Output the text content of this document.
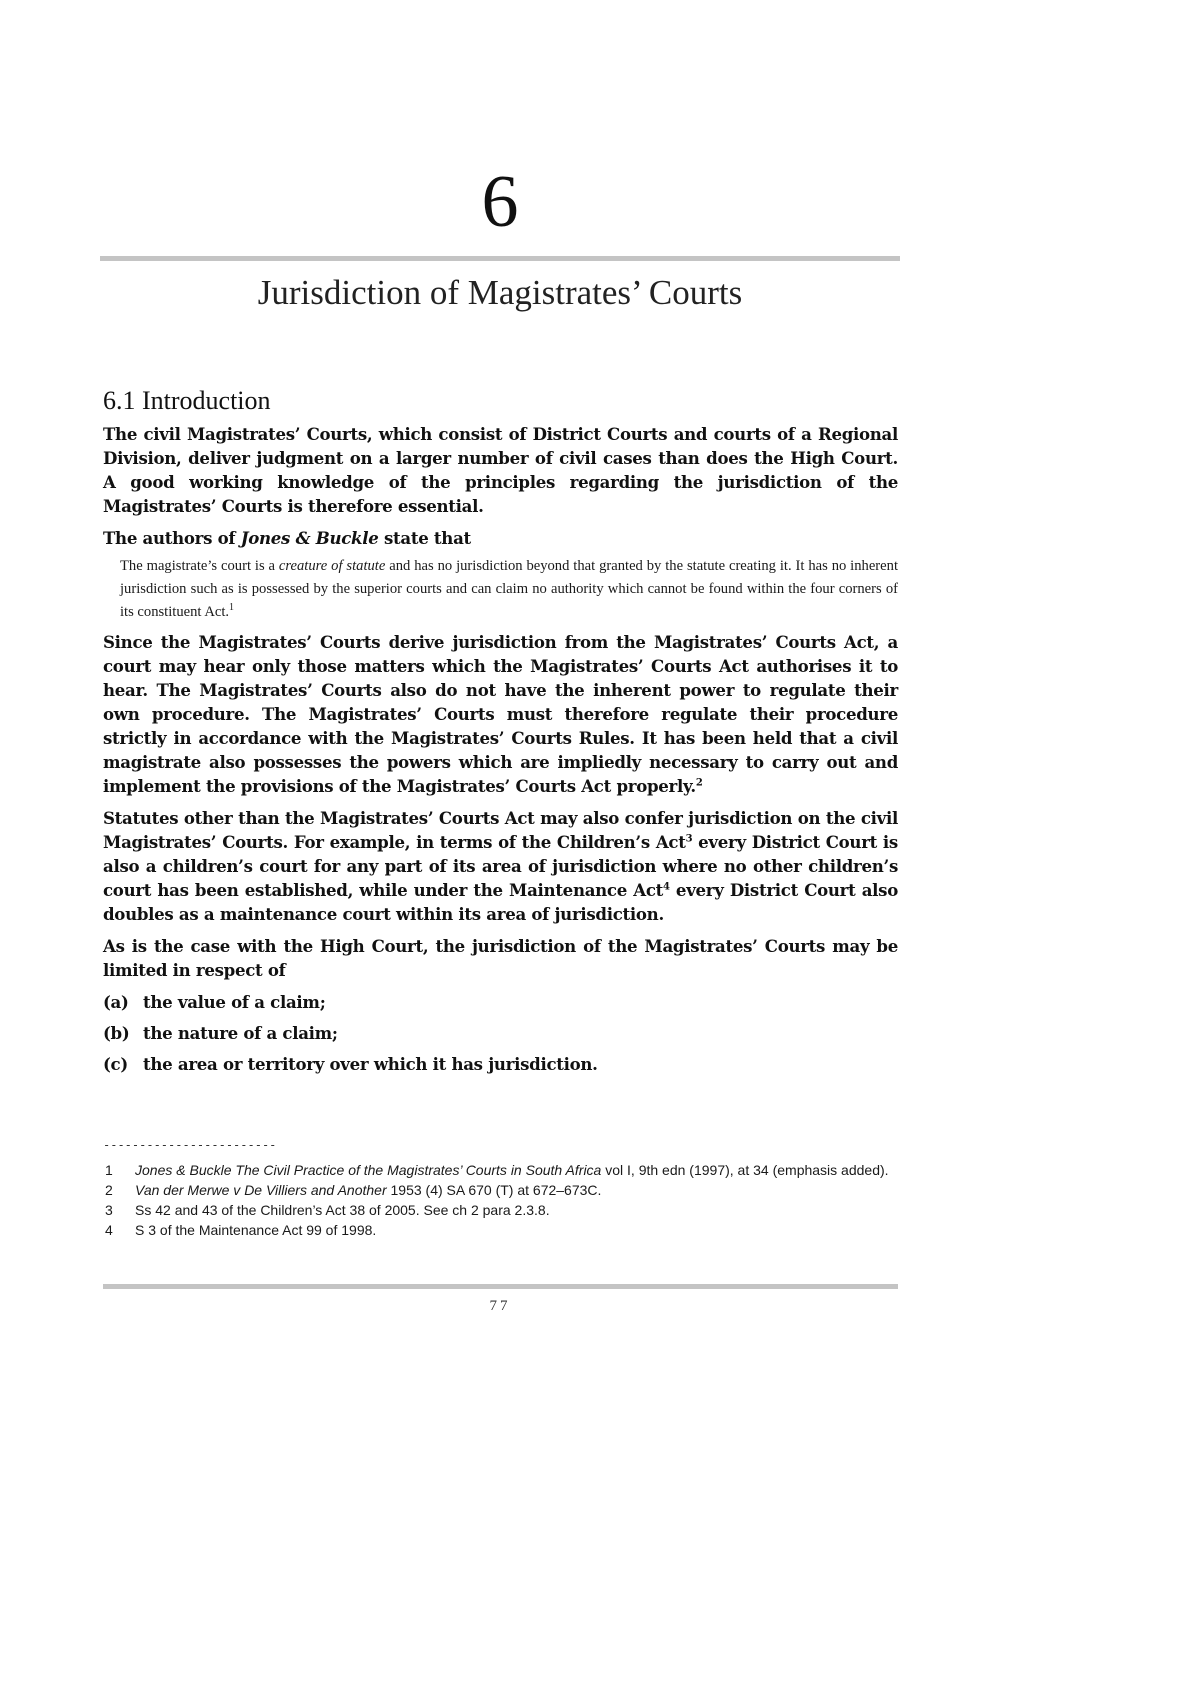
6
Jurisdiction of Magistrates’ Courts
6.1 Introduction

The civil Magistrates’ Courts, which consist of District Courts and courts of a Regional Division, deliver judgment on a larger number of civil cases than does the High Court. A good working knowledge of the principles regarding the jurisdiction of the Magistrates’ Courts is therefore essential.

The authors of Jones & Buckle state that

The magistrate’s court is a creature of statute and has no jurisdiction beyond that granted by the statute creating it. It has no inherent jurisdiction such as is possessed by the superior courts and can claim no authority which cannot be found within the four corners of its constituent Act.$^1$

Since the Magistrates’ Courts derive jurisdiction from the Magistrates’ Courts Act, a court may hear only those matters which the Magistrates’ Courts Act authorises it to hear. The Magistrates’ Courts also do not have the inherent power to regulate their own procedure. The Magistrates’ Courts must therefore regulate their procedure strictly in accordance with the Magistrates’ Courts Rules. It has been held that a civil magistrate also possesses the powers which are impliedly necessary to carry out and implement the provisions of the Magistrates’ Courts Act properly.$^2$

Statutes other than the Magistrates’ Courts Act may also confer jurisdiction on the civil Magistrates’ Courts. For example, in terms of the Children’s Act$^3$ every District Court is also a children’s court for any part of its area of jurisdiction where no other children’s court has been established, while under the Maintenance Act$^4$ every District Court also doubles as a maintenance court within its area of jurisdiction.

As is the case with the High Court, the jurisdiction of the Magistrates’ Courts may be limited in respect of

(a) the value of a claim;
(b) the nature of a claim;
(c) the area or territory over which it has jurisdiction.
------------------------
1	Jones & Buckle The Civil Practice of the Magistrates’ Courts in South Africa vol I, 9th edn (1997), at 34 (emphasis added).
2	Van der Merwe v De Villiers and Another 1953 (4) SA 670 (T) at 672–673C.
3	Ss 42 and 43 of the Children’s Act 38 of 2005. See ch 2 para 2.3.8.
4	S 3 of the Maintenance Act 99 of 1998.
77
